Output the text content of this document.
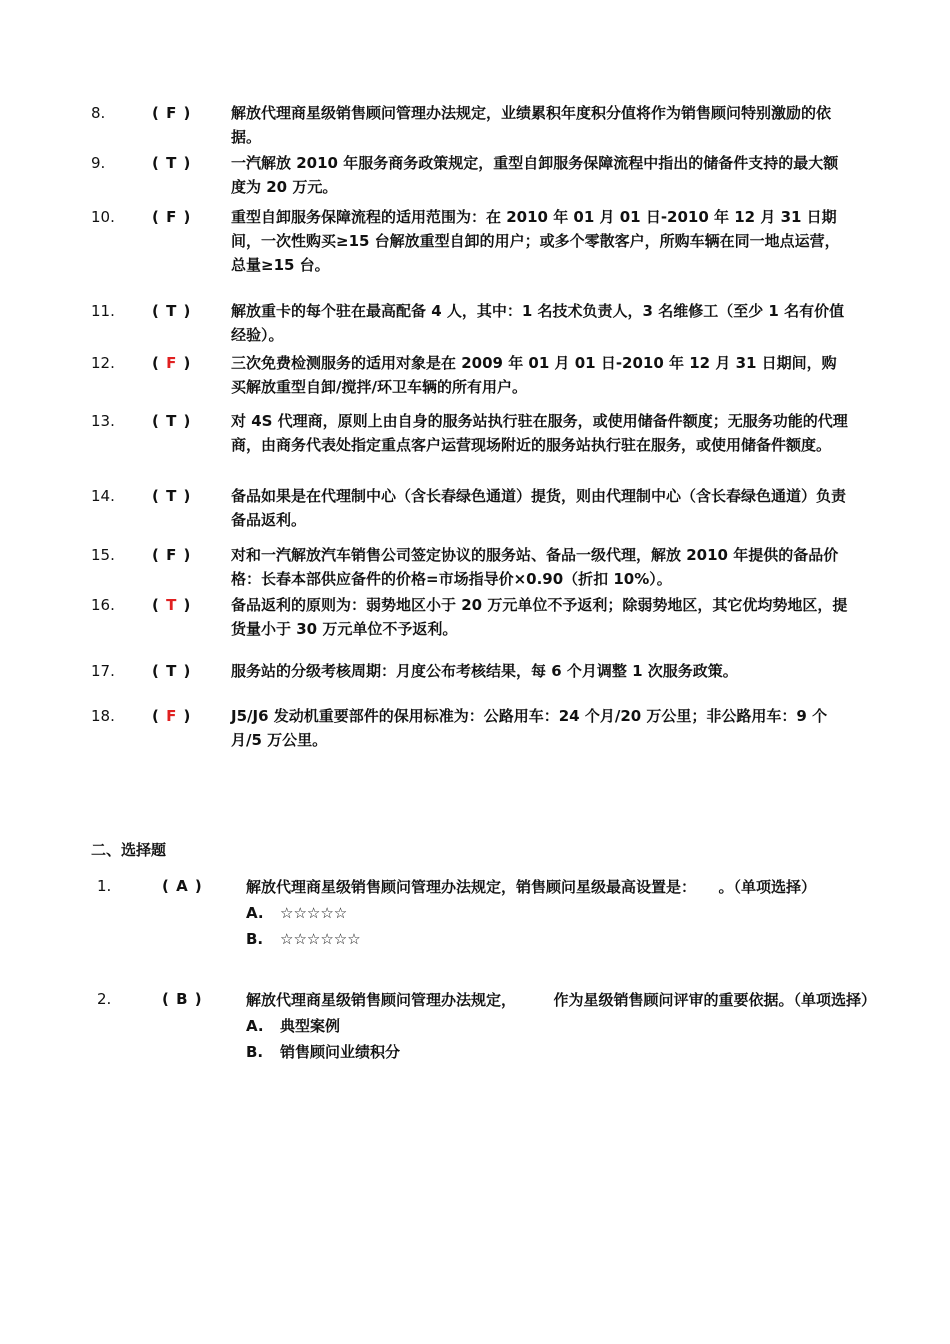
8.	( F )	解放代理商星级销售顾问管理办法规定，业绩累积年度积分值将作为销售顾问特别激励的依据。
9.	( T )	一汽解放 2010 年服务商务政策规定，重型自卸服务保障流程中指出的储备件支持的最大额度为 20 万元。
10. ( F )	重型自卸服务保障流程的适用范围为：在 2010 年 01 月 01 日-2010 年 12 月 31 日期间，一次性购买≥15 台解放重型自卸的用户；或多个零散客户，所购车辆在同一地点运营，总量≥15 台。
11. ( T )	解放重卡的每个驻在最高配备 4 人，其中：1 名技术负责人，3 名维修工（至少 1 名有价值经验）。
12. ( F )	三次免费检测服务的适用对象是在 2009 年 01 月 01 日-2010 年 12 月 31 日期间，购买解放重型自卸/搅拌/环卫车辆的所有用户。
13. ( T )	对 4S 代理商，原则上由自身的服务站执行驻在服务，或使用储备件额度；无服务功能的代理商，由商务代表处指定重点客户运营现场附近的服务站执行驻在服务，或使用储备件额度。
14. ( T )	备品如果是在代理制中心（含长春绿色通道）提货，则由代理制中心（含长春绿色通道）负责备品返利。
15. ( F )	对和一汽解放汽车销售公司签定协议的服务站、备品一级代理，解放 2010 年提供的备品价格：长春本部供应备件的价格=市场指导价×0.90（折扣 10%）。
16. ( T )	备品返利的原则为：弱势地区小于 20 万元单位不予返利；除弱势地区，其它优均势地区，提货量小于 30 万元单位不予返利。
17. ( T )	服务站的分级考核周期：月度公布考核结果，每 6 个月调整 1 次服务政策。
18. ( F )	J5/J6 发动机重要部件的保用标准为：公路用车：24 个月/20 万公里；非公路用车：9 个月/5 万公里。
二、选择题
1.	( A )	解放代理商星级销售顾问管理办法规定，销售顾问星级最高设置是：　　。（单项选择）
A. ☆☆☆☆☆
B. ☆☆☆☆☆☆
2.	( B )	解放代理商星级销售顾问管理办法规定，　　　作为星级销售顾问评审的重要依据。（单项选择）
A. 典型案例
B. 销售顾问业绩积分
